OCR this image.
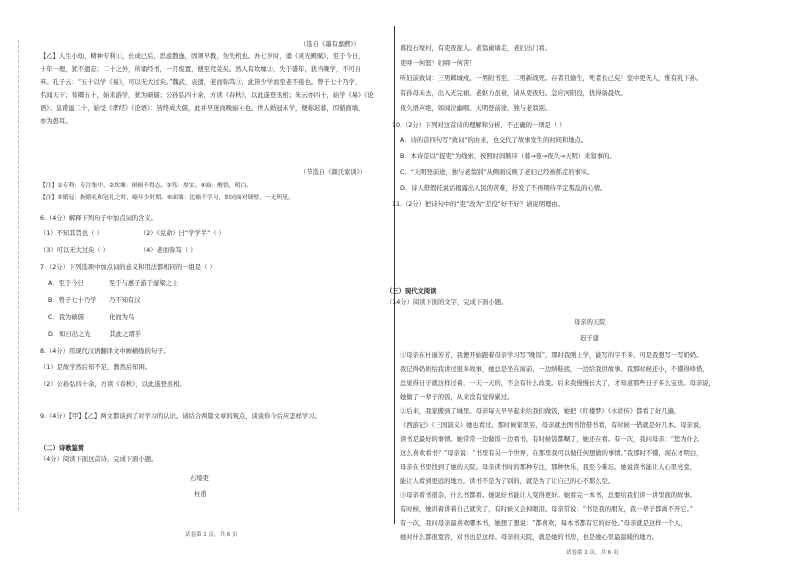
（选自《墨有嘉鮳》）
【乙】人生小幼，精神专利①，长成已后，思虑散逸，固须早教，勿失机也。吾七岁时，诵《灵光殿赋》，至于今日，
十年一理，犹不遗忘；二十之外，所诵经书，一月废置，便至荒芜矣。然人有坎壈②，失于盛年，犹当晚学，不可自
弃。孔子云：“五十以学《易》，可以无大过矣。”魏武、袁遗，老而弥笃③，此皆少学而至老不倦也。曾子七十乃学，
名闻天下；荀卿五十，始来游学，犹为硕儒；公孙弘四十余，方读《春秋》，以此遂登丞相；朱云亦四十，始学《易》《论
语》；皇甫谧二十，始受《孝经》《论语》：皆终成大儒，此并早迷而晚寤④也。世人婚冠未学，便称迟暮，因循面墙，
亦为愚耳。
（节选自《颜氏家训》）
【注】①专利：专注集中。②坎壈：困顿不得志。③笃：厚实。④寤：醒悟，明白。
【注】⑤婚冠：指婚礼和冠礼之时，喻年少时期。⑥面墙：比喻不学习，如同面对墙壁，一无所见。
6.（4分）解释下列句子中加点词的含义。
（1）不知其旨也（ ）	（2）《兑命》曰“学学半”（ ）
（3）可以无大过矣（ ）	（4）老而弥笃（ ）
7.（2分）下列选项中加点词的意义和用法都相同的一组是（ ）
A．至于今日　　　　至于与惠子游于濠梁之上
B．曾子七十乃学　　乃不知有汉
C．我为硕儒　　　　化而为鸟
D．如日出之光　　　其此之谓乎
8.（4分）用现代汉语翻译文中画横线的句子。
（1）是故学然后知不足，教然后知困。
（2）公孙弘四十余，方读《春秋》，以此遂登丞相。
9.（4分）【甲】【乙】两文都谈到了对学习的认识。请结合两篇文章的观点，谈谈你今后应怎样学习。
（二）诗歌鉴赏
（4分）阅读下面这首诗，完成下面小题。
石壕吏
杜甫
试卷第 1 页，共 6 页
暮投石壕村，有吏夜捉人。老翁逾墙走，老妇出门看。
吏呼一何怒！妇啼一何苦！
听妇前致词：三男邺城戍。一男附书至，二男新战死。存者且偷生，死者长已矣！室中更无人，惟有乳下孙。
有孙母未去，出入无完裙。老妪力虽衰，请从吏夜归。急应河阳役，犹得备晨炊。
夜久语声绝，如闻泣幽咽。天明登前途，独与老翁别。
10.（2分）下列对这首诗的理解和分析，不正确的一项是（ ）
A．诗的首四句写“致词”的由来，也交代了故事发生的时间和地点。
B．本诗是以“捉吏”为线索，按照时间顺序（暮→夜→夜久→天明）来叙事的。
C．“天明登前途，独与老翁别”从侧面反映了老妇已经被抓走的事实。
D．诗人借假托说话揭露出人民的苦难，抒发了不再期待平定叛乱的心情。
11.（2分）把诗句中的“吏”改为“差役”好不好？请说明理由。
（三）现代文阅读
（14分）阅读下面的文字，完成下面小题。
母亲的天院
迟子建
①母亲在杜丽芳芳，我便开始跟着母亲学习写“晚饭”，那时我刚上学，能写的字不多，可是我想写一写奶奶。
我记得奶奶给我讲过很多故事，她总是坐在窗前，一边纳鞋底，一边给我讲故事。我那时候还小，不懂得珍惜，
总觉得日子就这样过着，一天一天的，不会有什么改变。后来我慢慢长大了，才知道那些日子多么宝贵。母亲说，
她做了一辈子的饭，从来没有觉得累过。
②后来，我家搬到了城里。母亲每天早早起来给我们做饭，她把《红楼梦》《水浒传》都看了好几遍，
《西游记》《三国演义》她也看过。那时候家里穷，母亲就去图书馆借书看，有时候一借就是好几本。母亲说，
读书是最好的事情。她常常一边做饭一边看书，有时候饭都糊了，她还在看。有一次，我问母亲：“您为什么
这么喜欢看书？”母亲说：“书里有另一个世界，在那里我可以做任何想做的事情。”我那时不懂，现在才明白，
母亲在书里找到了她的天院。母亲读书时的那种专注，那种快乐，我至今难忘。她说读书能让人心里亮堂，
能让人看到更远的地方。读书不是为了别的，就是为了让自己的心不那么空。
③母亲看书很杂，什么书都看。她说好书能让人变得更好。她看完一本书，总要给我们讲一讲里面的故事。
有时候，她讲着讲着自己就笑了，有时候又会掉眼泪。母亲常说：“书是我的朋友，我一辈子都离不开它。”
有一次，我问母亲最喜欢哪本书，她想了想说：“都喜欢，每本书都有它的好处。”母亲就是这样一个人，
她对什么都很宽容，对书也是这样。母亲的天院，就是她的书房，也是她心里最温暖的地方。
试卷第 2 页，共 6 页
